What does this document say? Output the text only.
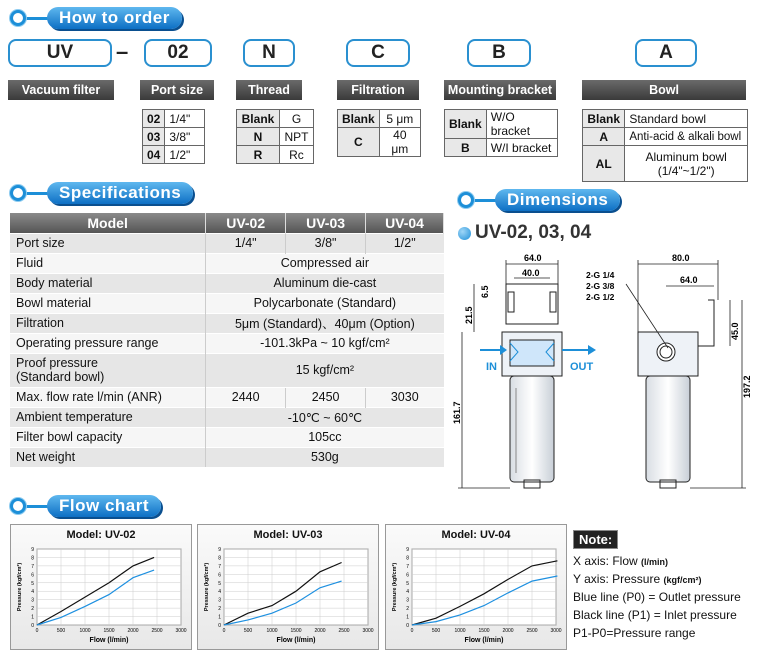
How to order
UV	–	02	N	C	B	A
Vacuum filter	Port size	Thread	Filtration	Mounting bracket	Bowl
02	1/4"
03	3/8"
04	1/2"
Blank	G
N	NPT
R	Rc
Blank	5 μm
C	40 μm
Blank	W/O bracket
B	W/I bracket
Blank	Standard bowl
A	Anti-acid & alkali bowl
AL	Aluminum bowl
(1/4"~1/2")
Specifications
Model	UV-02	UV-03	UV-04
Port size	1/4"	3/8"	1/2"
Fluid	Compressed air		
Body material	Aluminum die-cast		
Bowl material	Polycarbonate (Standard)		
Filtration	5μm (Standard)、40μm (Option)		
Operating pressure range	-101.3kPa ~ 10 kgf/cm²		
Proof pressure
(Standard bowl)	15 kgf/cm²		
Max. flow rate l/min (ANR)	2440	2450	3030
Ambient temperature	-10℃ ~ 60℃		
Filter bowl capacity	105cc		
Net weight	530g		
Dimensions
UV-02, 03, 04
IN	OUT
64.0
40.0
6.5
21.5
161.7
80.0
64.0
45.0
197.2
2-G 1/4
2-G 3/8
2-G 1/2
Flow chart
0
1
2
3
4
5
6
7
8
9
0	500	1000	1500	2000	2500	3000
Flow (l/min)
Pressure (kgf/cm²)
Model: UV-02
0
1
2
3
4
5
6
7
8
9
0	500	1000	1500	2000	2500	3000
Flow (l/min)
Pressure (kgf/cm²)
Model: UV-03
0
1
2
3
4
5
6
7
8
9
0	500	1000	1500	2000	2500	3000
Flow (l/min)
Pressure (kgf/cm²)
Model: UV-04	Note:
X axis: Flow (l/min)
Y axis: Pressure (kgf/cm²)
Blue line (P0) = Outlet pressure
Black line (P1) = Inlet pressure
P1-P0=Pressure range
